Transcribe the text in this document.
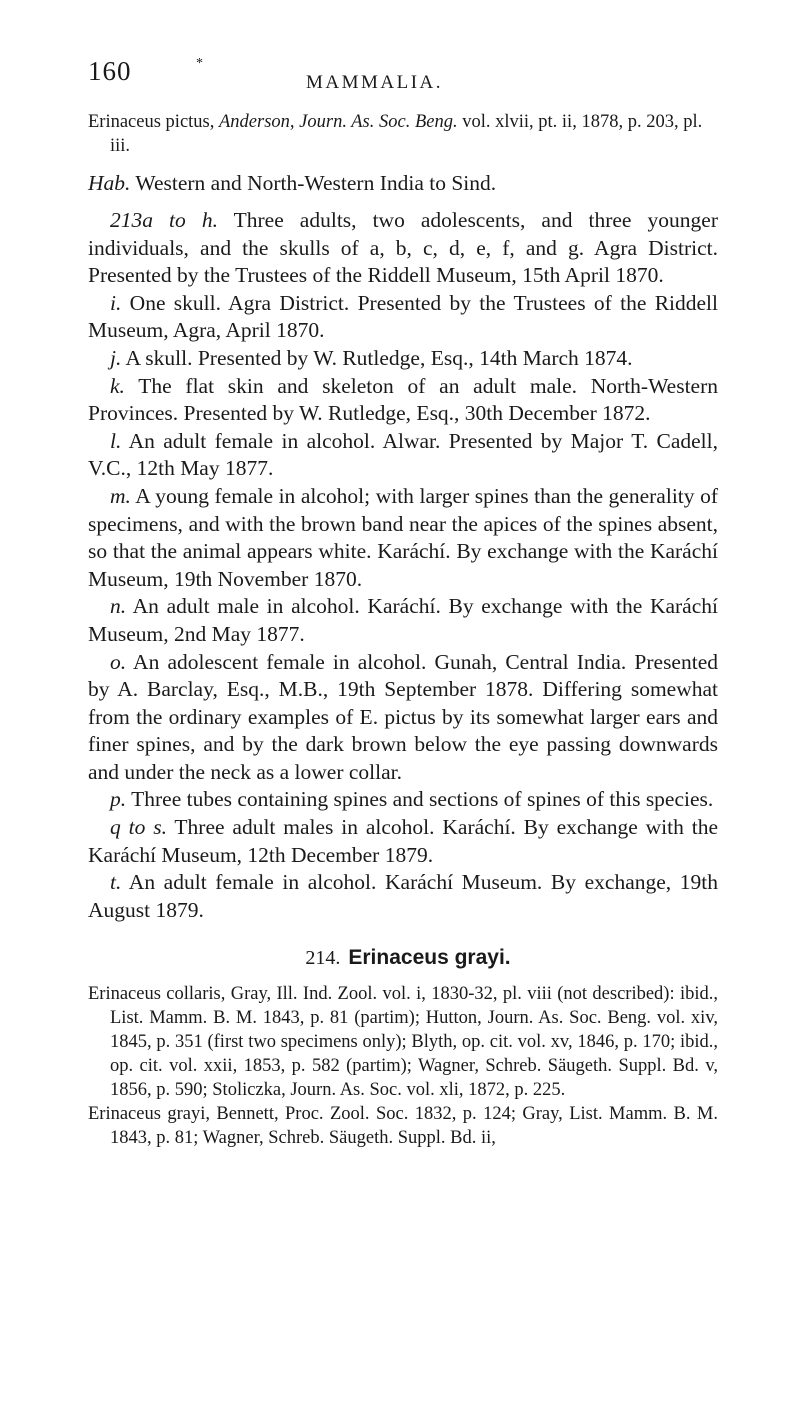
160	*
MAMMALIA.

Erinaceus pictus, Anderson, Journ. As. Soc. Beng. vol. xlvii, pt. ii, 1878, p. 203, pl. iii.

Hab. Western and North-Western India to Sind.

213a to h. Three adults, two adolescents, and three younger individuals, and the skulls of a, b, c, d, e, f, and g. Agra District. Presented by the Trustees of the Riddell Museum, 15th April 1870.

i. One skull. Agra District. Presented by the Trustees of the Riddell Museum, Agra, April 1870.

j. A skull. Presented by W. Rutledge, Esq., 14th March 1874.

k. The flat skin and skeleton of an adult male. North-Western Provinces. Presented by W. Rutledge, Esq., 30th December 1872.

l. An adult female in alcohol. Alwar. Presented by Major T. Cadell, V.C., 12th May 1877.

m. A young female in alcohol; with larger spines than the generality of specimens, and with the brown band near the apices of the spines absent, so that the animal appears white. Karáchí. By exchange with the Karáchí Museum, 19th November 1870.

n. An adult male in alcohol. Karáchí. By exchange with the Karáchí Museum, 2nd May 1877.

o. An adolescent female in alcohol. Gunah, Central India. Presented by A. Barclay, Esq., M.B., 19th September 1878. Differing somewhat from the ordinary examples of E. pictus by its somewhat larger ears and finer spines, and by the dark brown below the eye passing downwards and under the neck as a lower collar.

p. Three tubes containing spines and sections of spines of this species.

q to s. Three adult males in alcohol. Karáchí. By exchange with the Karáchí Museum, 12th December 1879.

t. An adult female in alcohol. Karáchí Museum. By exchange, 19th August 1879.

214. Erinaceus grayi.

Erinaceus collaris, Gray, Ill. Ind. Zool. vol. i, 1830-32, pl. viii (not described): ibid., List. Mamm. B. M. 1843, p. 81 (partim); Hutton, Journ. As. Soc. Beng. vol. xiv, 1845, p. 351 (first two specimens only); Blyth, op. cit. vol. xv, 1846, p. 170; ibid., op. cit. vol. xxii, 1853, p. 582 (partim); Wagner, Schreb. Säugeth. Suppl. Bd. v, 1856, p. 590; Stoliczka, Journ. As. Soc. vol. xli, 1872, p. 225.

Erinaceus grayi, Bennett, Proc. Zool. Soc. 1832, p. 124; Gray, List. Mamm. B. M. 1843, p. 81; Wagner, Schreb. Säugeth. Suppl. Bd. ii,
